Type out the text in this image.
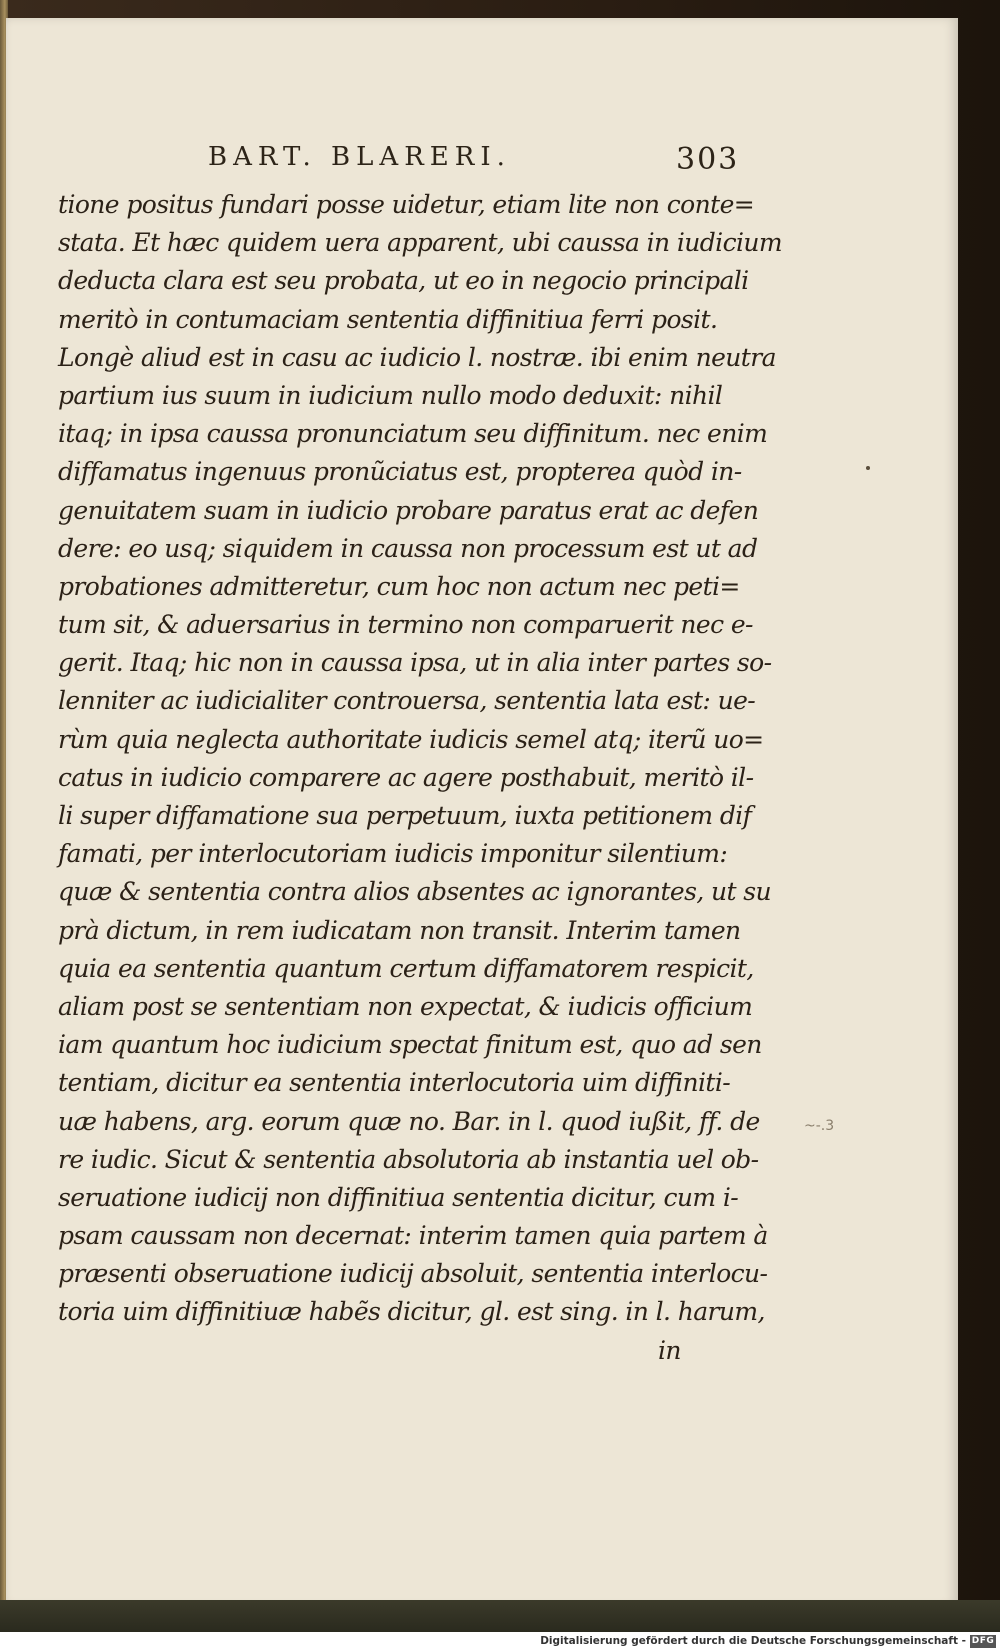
BART. BLARERI.	303
tione positus fundari posse uidetur, etiam lite non conte=
stata. Et hæc quidem uera apparent, ubi caussa in iudicium
deducta clara est seu probata, ut eo in negocio principali
meritò in contumaciam sententia diffinitiua ferri posit.
Longè aliud est in casu ac iudicio l. nostræ. ibi enim neutra
partium ius suum in iudicium nullo modo deduxit: nihil
itaq; in ipsa caussa pronunciatum seu diffinitum. nec enim
diffamatus ingenuus pronũciatus est, propterea quòd in-
genuitatem suam in iudicio probare paratus erat ac defen
dere: eo usq; siquidem in caussa non processum est ut ad
probationes admitteretur, cum hoc non actum nec peti=
tum sit, & aduersarius in termino non comparuerit nec e-
gerit. Itaq; hic non in caussa ipsa, ut in alia inter partes so-
lenniter ac iudicialiter controuersa, sententia lata est: ue-
rùm quia neglecta authoritate iudicis semel atq; iterũ uo=
catus in iudicio comparere ac agere posthabuit, meritò il-
li super diffamatione sua perpetuum, iuxta petitionem dif
famati, per interlocutoriam iudicis imponitur silentium:
quæ & sententia contra alios absentes ac ignorantes, ut su
prà dictum, in rem iudicatam non transit. Interim tamen
quia ea sententia quantum certum diffamatorem respicit,
aliam post se sententiam non expectat, & iudicis officium
iam quantum hoc iudicium spectat finitum est, quo ad sen
tentiam, dicitur ea sententia interlocutoria uim diffiniti-
uæ habens, arg. eorum quæ no. Bar. in l. quod iußit, ff. de
re iudic. Sicut & sententia absolutoria ab instantia uel ob-
seruatione iudicij non diffinitiua sententia dicitur, cum i-
psam caussam non decernat: interim tamen quia partem à
præsenti obseruatione iudicij absoluit, sententia interlocu-
toria uim diffinitiuæ habẽs dicitur, gl. est sing. in l. harum,
in
~-.3
Digitalisierung gefördert durch die Deutsche Forschungsgemeinschaft - DFG
